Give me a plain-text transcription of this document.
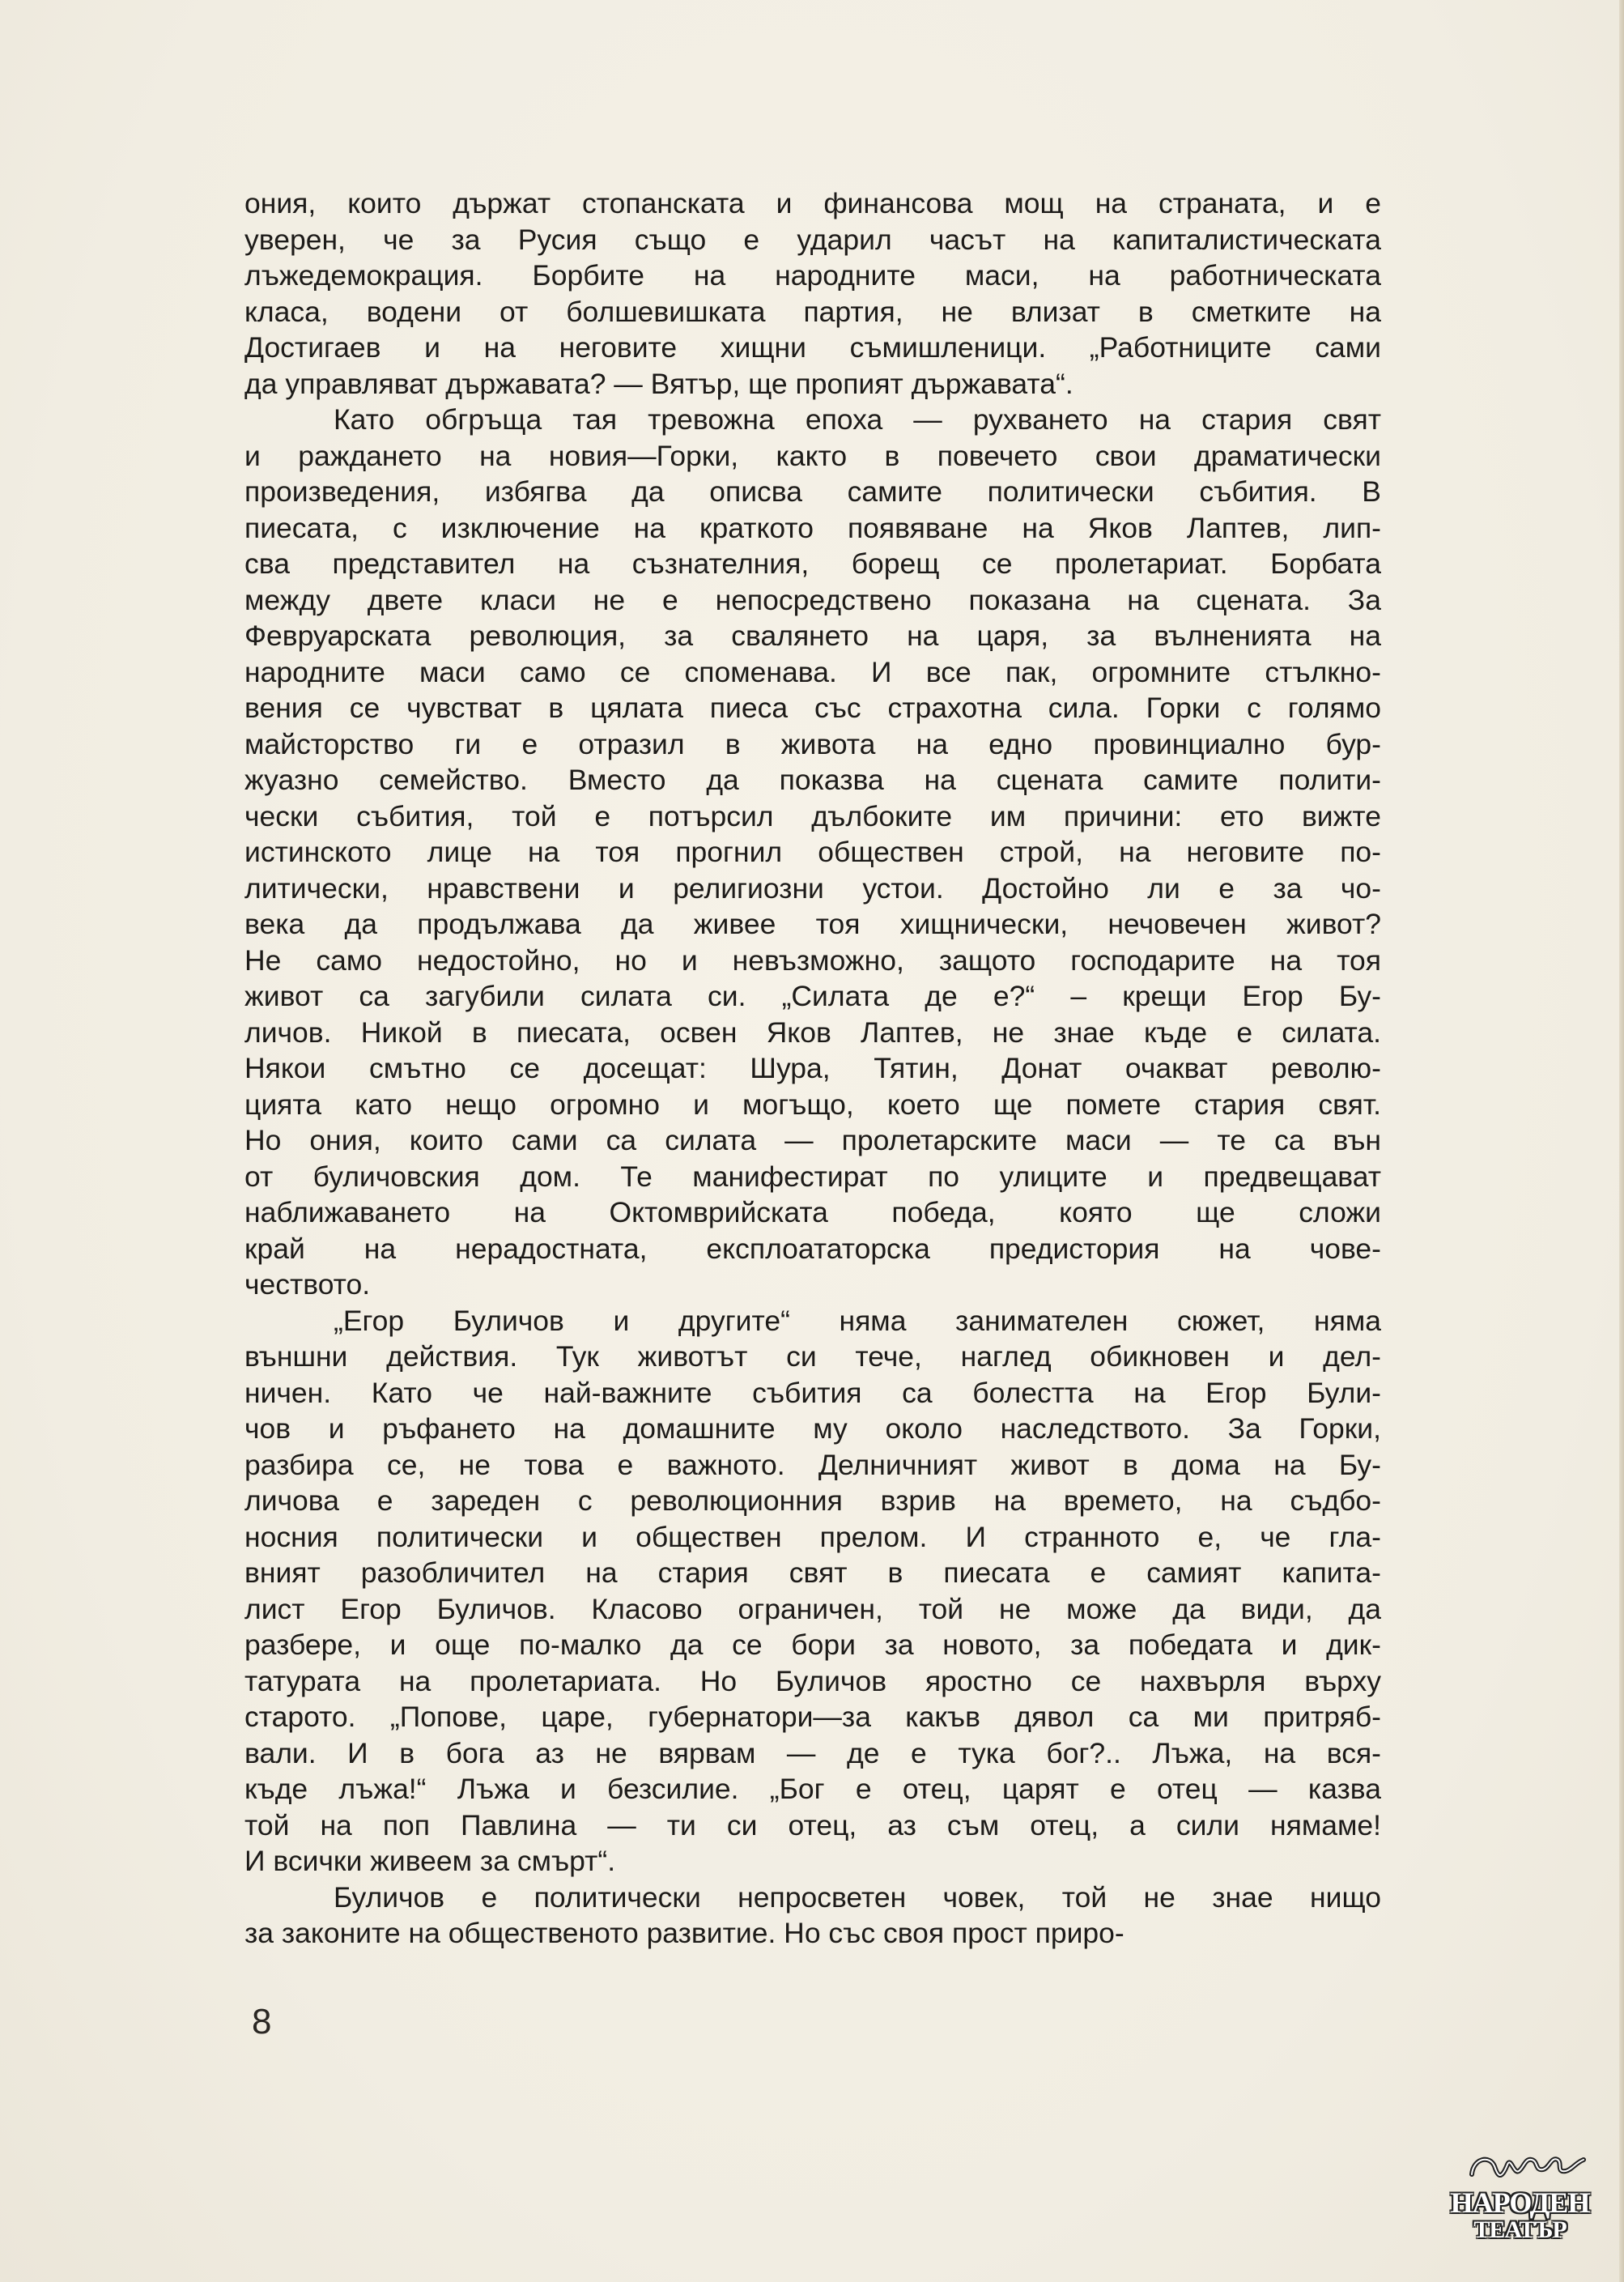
ония, които държат стопанската и финансова мощ на страната, и е
уверен, че за Русия също е ударил часът на капиталистическата
лъжедемокрация. Борбите на народните маси, на работническата
класа, водени от болшевишката партия, не влизат в сметките на
Достигаев и на неговите хищни съмишленици. „Работниците сами
да управляват държавата? — Вятър, ще пропият държавата“.
Като обгръща тая тревожна епоха — рухването на стария свят
и раждането на новия—Горки, както в повечето свои драматически
произведения, избягва да описва самите политически събития. В
пиесата, с изключение на краткото появяване на Яков Лаптев, лип-
сва представител на съзнателния, борещ се пролетариат. Борбата
между двете класи не е непосредствено показана на сцената. За
Февруарската революция, за свалянето на царя, за вълненията на
народните маси само се споменава. И все пак, огромните стълкно-
вения се чувстват в цялата пиеса със страхотна сила. Горки с голямо
майсторство ги е отразил в живота на едно провинциално бур-
жуазно семейство. Вместо да показва на сцената самите полити-
чески събития, той е потърсил дълбоките им причини: ето вижте
истинското лице на тоя прогнил обществен строй, на неговите по-
литически, нравствени и религиозни устои. Достойно ли е за чо-
века да продължава да живее тоя хищнически, нечовечен живот?
Не само недостойно, но и невъзможно, защото господарите на тоя
живот са загубили силата си. „Силата де е?“ – крещи Егор Бу-
личов. Никой в пиесата, освен Яков Лаптев, не знае къде е силата.
Някои смътно се досещат: Шура, Тятин, Донат очакват револю-
цията като нещо огромно и могъщо, което ще помете стария свят.
Но ония, които сами са силата — пролетарските маси — те са вън
от буличовския дом. Те манифестират по улиците и предвещават
наближаването на Октомврийската победа, която ще сложи
край на нерадостната, експлоататорска предистория на чове-
чеството.
„Егор Буличов и другите“ няма занимателен сюжет, няма
външни действия. Тук животът си тече, наглед обикновен и дел-
ничен. Като че най-важните събития са болестта на Егор Були-
чов и ръфането на домашните му около наследството. За Горки,
разбира се, не това е важното. Делничният живот в дома на Бу-
личова е зареден с революционния взрив на времето, на съдбо-
носния политически и обществен прелом. И странното е, че гла-
вният разобличител на стария свят в пиесата е самият капита-
лист Егор Буличов. Класово ограничен, той не може да види, да
разбере, и още по-малко да се бори за новото, за победата и дик-
татурата на пролетариата. Но Буличов яростно се нахвърля върху
старото. „Попове, царе, губернатори—за какъв дявол са ми притряб-
вали. И в бога аз не вярвам — де е тука бог?.. Лъжа, на вся-
къде лъжа!“ Лъжа и безсилие. „Бог е отец, царят е отец — казва
той на поп Павлина — ти си отец, аз съм отец, а сили нямаме!
И всички живеем за смърт“.
Буличов е политически непросветен човек, той не знае нищо
за законите на общественото развитие. Но със своя прост приро-
8
НАРОДЕН
ТЕАТЪР
